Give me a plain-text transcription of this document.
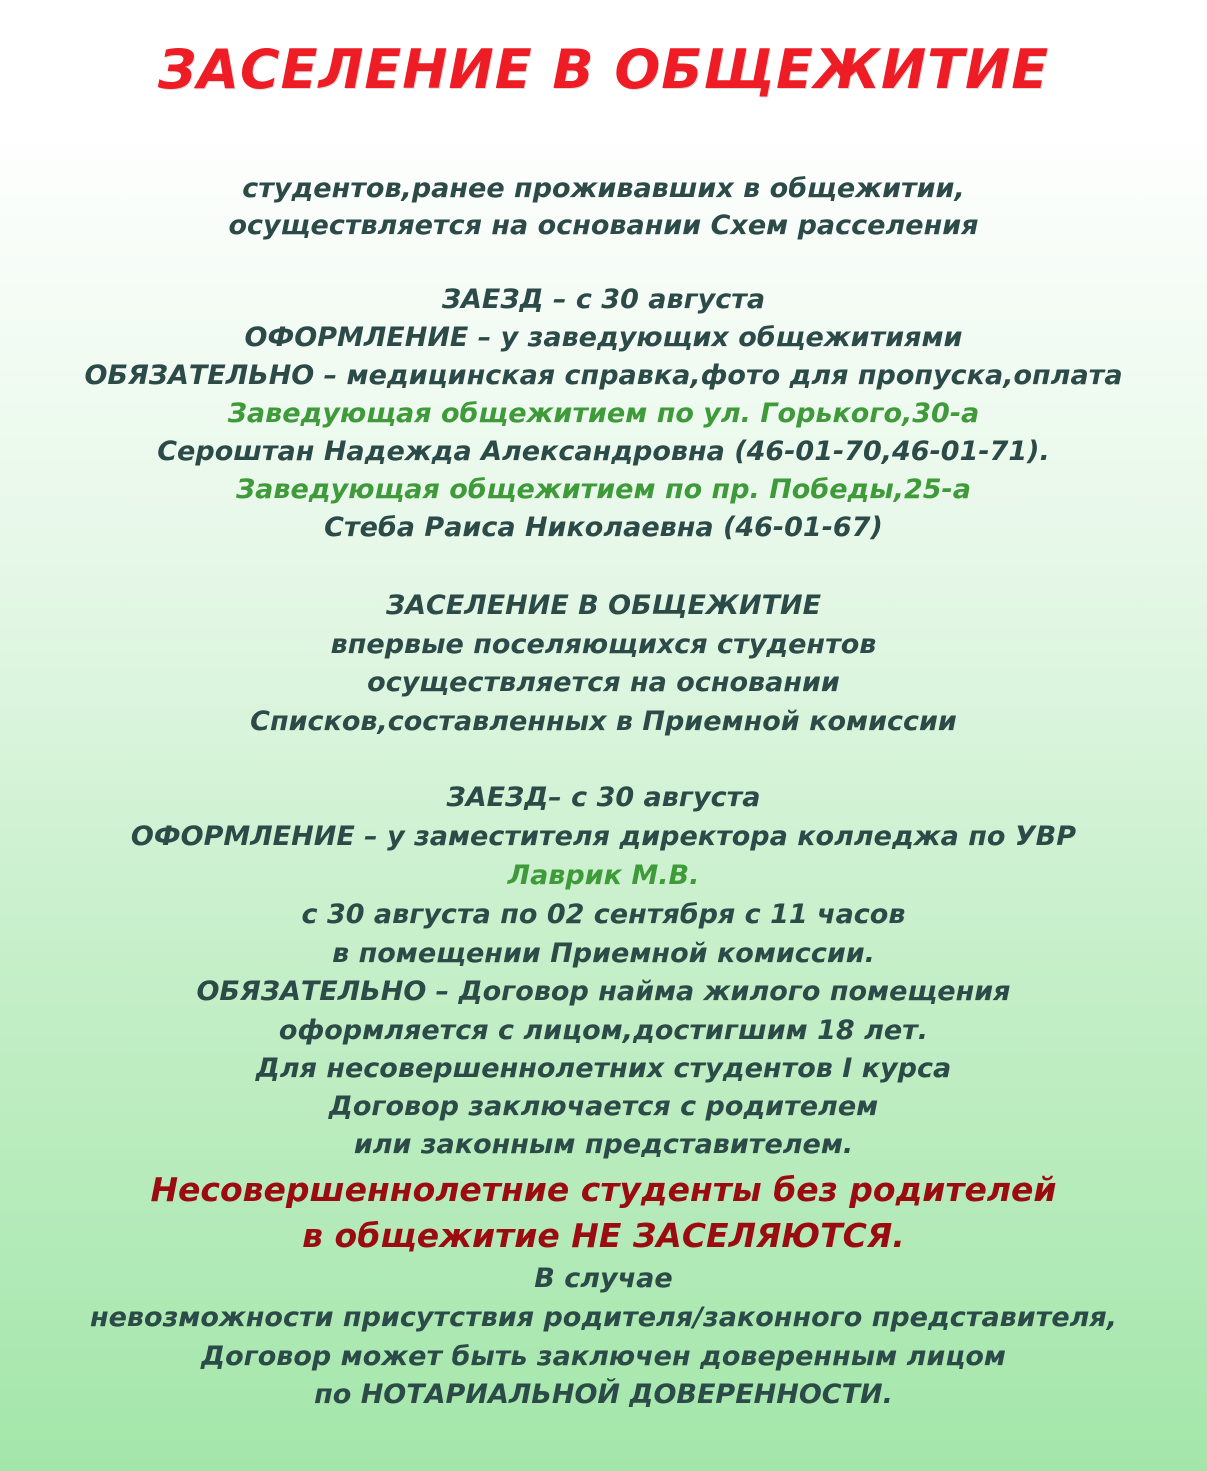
ЗАСЕЛЕНИЕ В ОБЩЕЖИТИЕ
студентов,ранее проживавших в общежитии,
осуществляется на основании Схем расселения
ЗАЕЗД – с 30 августа
ОФОРМЛЕНИЕ – у заведующих общежитиями
ОБЯЗАТЕЛЬНО – медицинская справка,фото для пропуска,оплата
Заведующая общежитием по ул. Горького,30-а
Сероштан Надежда Александровна (46-01-70,46-01-71).
Заведующая общежитием по пр. Победы,25-а
Стеба Раиса Николаевна (46-01-67)
ЗАСЕЛЕНИЕ В ОБЩЕЖИТИЕ
впервые поселяющихся студентов
осуществляется на основании
Списков,составленных в Приемной комиссии
ЗАЕЗД– с 30 августа
ОФОРМЛЕНИЕ – у заместителя директора колледжа по УВР
Лаврик М.В.
с 30 августа по 02 сентября с 11 часов
в помещении Приемной комиссии.
ОБЯЗАТЕЛЬНО – Договор найма жилого помещения
оформляется с лицом,достигшим 18 лет.
Для несовершеннолетних студентов I курса
Договор заключается с родителем
или законным представителем.
Несовершеннолетние студенты без родителей
в общежитие НЕ ЗАСЕЛЯЮТСЯ.
В случае
невозможности присутствия родителя/законного представителя,
Договор может быть заключен доверенным лицом
по НОТАРИАЛЬНОЙ ДОВЕРЕННОСТИ.
